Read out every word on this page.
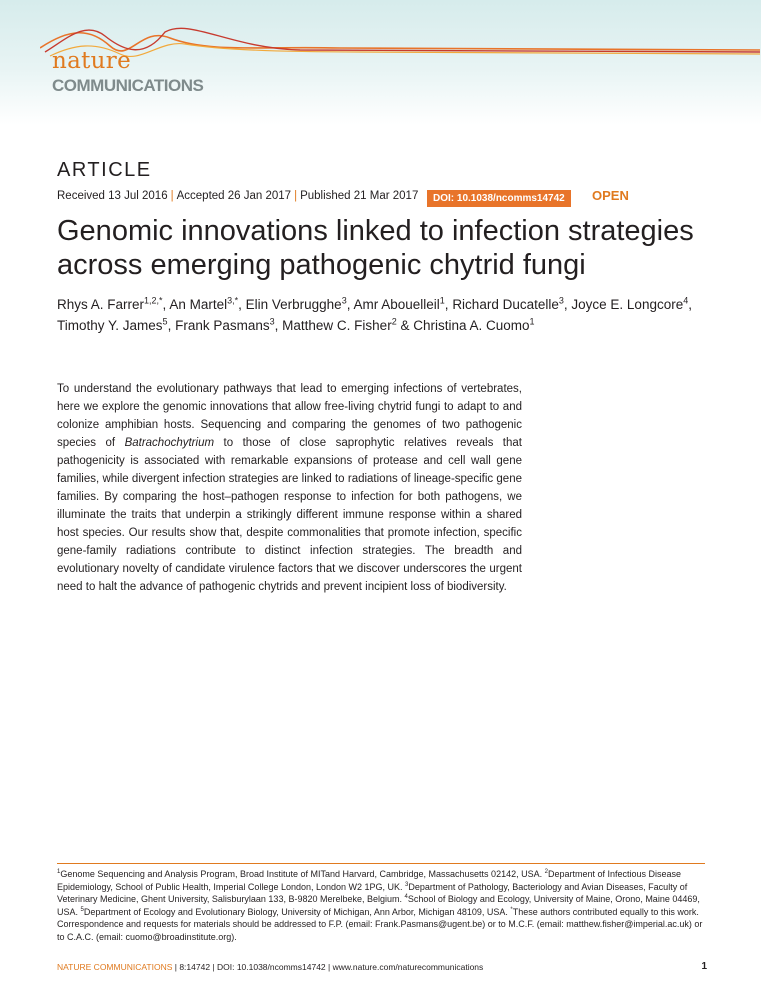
nature
COMMUNICATIONS
ARTICLE
Received 13 Jul 2016 | Accepted 26 Jan 2017 | Published 21 Mar 2017	DOI: 10.1038/ncomms14742	OPEN
Genomic innovations linked to infection strategies across emerging pathogenic chytrid fungi
Rhys A. Farrer$^{1,2,*}$, An Martel$^{3,*}$, Elin Verbrugghe$^3$, Amr Abouelleil$^1$, Richard Ducatelle$^3$, Joyce E. Longcore$^4$, Timothy Y. James$^5$, Frank Pasmans$^3$, Matthew C. Fisher$^2$ & Christina A. Cuomo$^1$
To understand the evolutionary pathways that lead to emerging infections of vertebrates, here we explore the genomic innovations that allow free-living chytrid fungi to adapt to and colonize amphibian hosts. Sequencing and comparing the genomes of two pathogenic species of Batrachochytrium to those of close saprophytic relatives reveals that pathogenicity is associated with remarkable expansions of protease and cell wall gene families, while divergent infection strategies are linked to radiations of lineage-specific gene families. By comparing the host–pathogen response to infection for both pathogens, we illuminate the traits that underpin a strikingly different immune response within a shared host species. Our results show that, despite commonalities that promote infection, specific gene-family radiations contribute to distinct infection strategies. The breadth and evolutionary novelty of candidate virulence factors that we discover underscores the urgent need to halt the advance of pathogenic chytrids and prevent incipient loss of biodiversity.
$^1$Genome Sequencing and Analysis Program, Broad Institute of MITand Harvard, Cambridge, Massachusetts 02142, USA. $^2$Department of Infectious Disease Epidemiology, School of Public Health, Imperial College London, London W2 1PG, UK. $^3$Department of Pathology, Bacteriology and Avian Diseases, Faculty of Veterinary Medicine, Ghent University, Salisburylaan 133, B-9820 Merelbeke, Belgium. $^4$School of Biology and Ecology, University of Maine, Orono, Maine 04469, USA. $^5$Department of Ecology and Evolutionary Biology, University of Michigan, Ann Arbor, Michigan 48109, USA. *These authors contributed equally to this work. Correspondence and requests for materials should be addressed to F.P. (email: Frank.Pasmans@ugent.be) or to M.C.F. (email: matthew.fisher@imperial.ac.uk) or to C.A.C. (email: cuomo@broadinstitute.org).
NATURE COMMUNICATIONS | 8:14742 | DOI: 10.1038/ncomms14742 | www.nature.com/naturecommunications	1
